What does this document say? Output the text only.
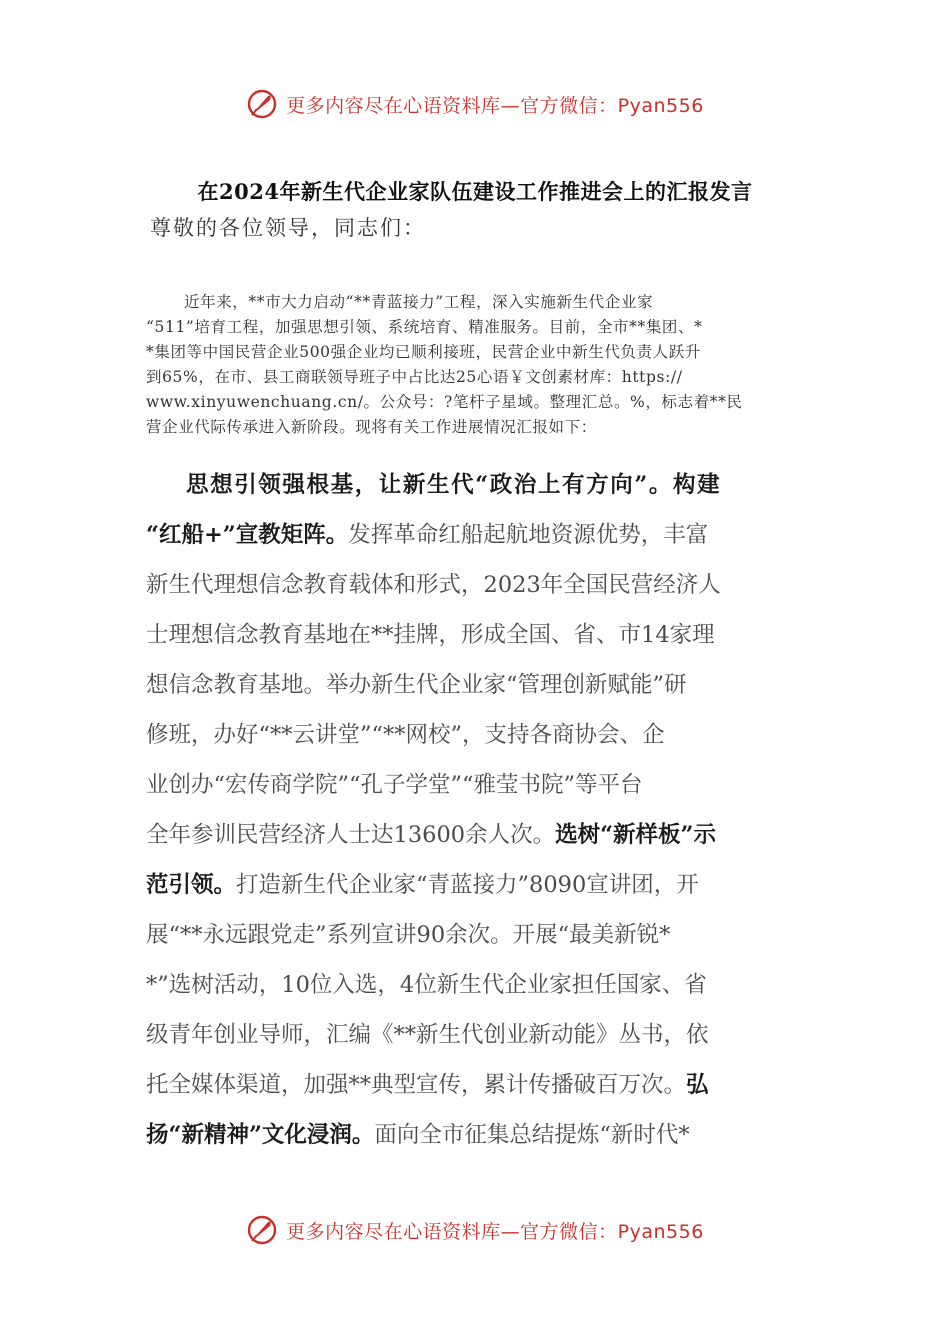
更多内容尽在心语资料库—官方微信：Pyan556
在2024年新生代企业家队伍建设工作推进会上的汇报发言
尊敬的各位领导，同志们：
近年来，**市大力启动“**青蓝接力”工程，深入实施新生代企业家
“511”培育工程，加强思想引领、系统培育、精准服务。目前，全市**集团、*
*集团等中国民营企业500强企业均已顺利接班，民营企业中新生代负责人跃升
到65%，在市、县工商联领导班子中占比达25心语￥文创素材库：https://
www.xinyuwenchuang.cn/。公众号：?笔杆子星域。整理汇总。%，标志着**民
营企业代际传承进入新阶段。现将有关工作进展情况汇报如下：
思想引领强根基，让新生代“政治上有方向”。构建
“红船+”宣教矩阵。发挥革命红船起航地资源优势，丰富
新生代理想信念教育载体和形式，2023年全国民营经济人
士理想信念教育基地在**挂牌，形成全国、省、市14家理
想信念教育基地。举办新生代企业家“管理创新赋能”研
修班，办好“**云讲堂”“**网校”，支持各商协会、企
业创办“宏传商学院”“孔子学堂”“雅莹书院”等平台
全年参训民营经济人士达13600余人次。选树“新样板”示
范引领。打造新生代企业家“青蓝接力”8090宣讲团，开
展“**永远跟党走”系列宣讲90余次。开展“最美新锐*
*”选树活动，10位入选，4位新生代企业家担任国家、省
级青年创业导师，汇编《**新生代创业新动能》丛书，依
托全媒体渠道，加强**典型宣传，累计传播破百万次。弘
扬“新精神”文化浸润。面向全市征集总结提炼“新时代*
更多内容尽在心语资料库—官方微信：Pyan556
